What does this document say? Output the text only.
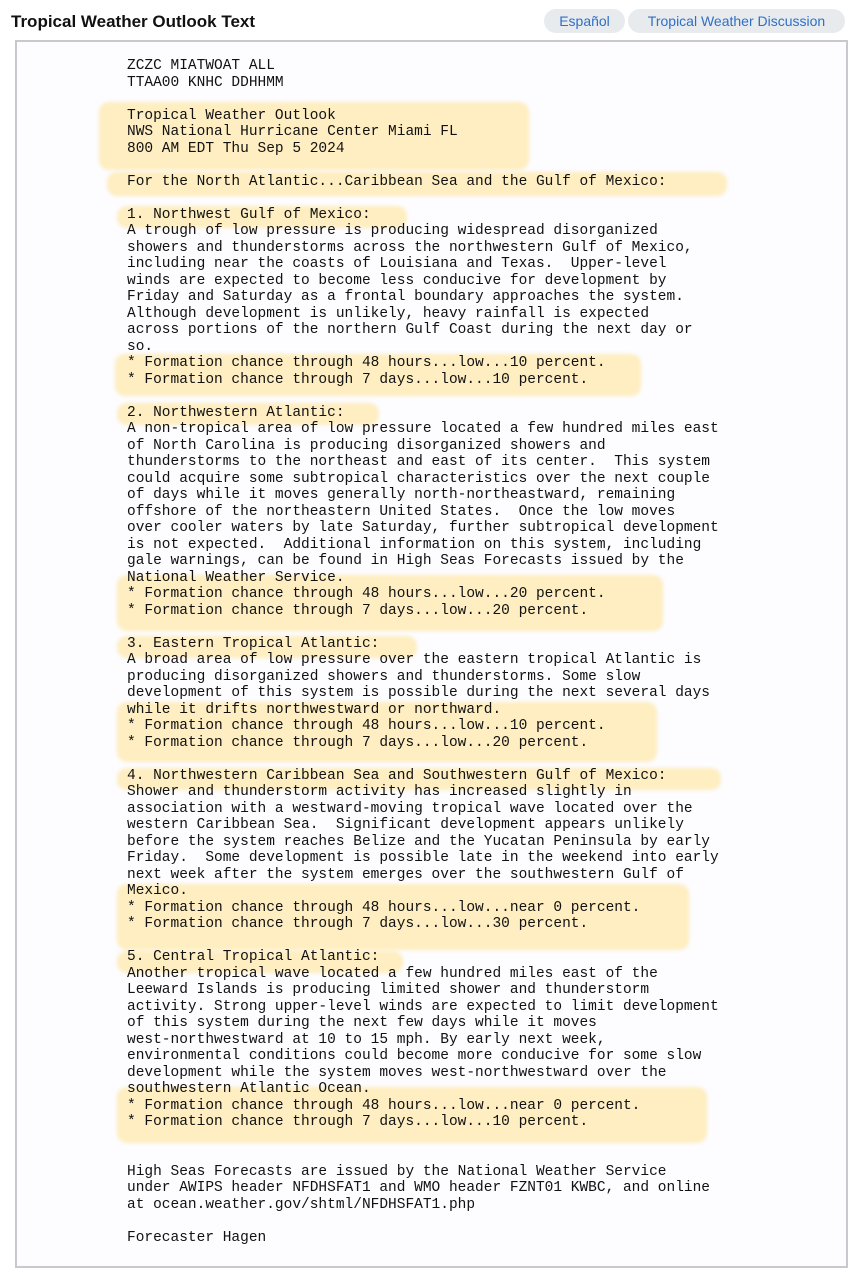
Tropical Weather Outlook Text	Español	Tropical Weather Discussion
ZCZC MIATWOAT ALL
TTAA00 KNHC DDHHMM

Tropical Weather Outlook
NWS National Hurricane Center Miami FL
800 AM EDT Thu Sep 5 2024

For the North Atlantic...Caribbean Sea and the Gulf of Mexico:

1. Northwest Gulf of Mexico:
A trough of low pressure is producing widespread disorganized
showers and thunderstorms across the northwestern Gulf of Mexico,
including near the coasts of Louisiana and Texas.  Upper-level
winds are expected to become less conducive for development by
Friday and Saturday as a frontal boundary approaches the system.
Although development is unlikely, heavy rainfall is expected
across portions of the northern Gulf Coast during the next day or
so.
* Formation chance through 48 hours...low...10 percent.
* Formation chance through 7 days...low...10 percent.

2. Northwestern Atlantic:
A non-tropical area of low pressure located a few hundred miles east
of North Carolina is producing disorganized showers and
thunderstorms to the northeast and east of its center.  This system
could acquire some subtropical characteristics over the next couple
of days while it moves generally north-northeastward, remaining
offshore of the northeastern United States.  Once the low moves
over cooler waters by late Saturday, further subtropical development
is not expected.  Additional information on this system, including
gale warnings, can be found in High Seas Forecasts issued by the
National Weather Service.
* Formation chance through 48 hours...low...20 percent.
* Formation chance through 7 days...low...20 percent.

3. Eastern Tropical Atlantic:
A broad area of low pressure over the eastern tropical Atlantic is
producing disorganized showers and thunderstorms. Some slow
development of this system is possible during the next several days
while it drifts northwestward or northward.
* Formation chance through 48 hours...low...10 percent.
* Formation chance through 7 days...low...20 percent.

4. Northwestern Caribbean Sea and Southwestern Gulf of Mexico:
Shower and thunderstorm activity has increased slightly in
association with a westward-moving tropical wave located over the
western Caribbean Sea.  Significant development appears unlikely
before the system reaches Belize and the Yucatan Peninsula by early
Friday.  Some development is possible late in the weekend into early
next week after the system emerges over the southwestern Gulf of
Mexico.
* Formation chance through 48 hours...low...near 0 percent.
* Formation chance through 7 days...low...30 percent.

5. Central Tropical Atlantic:
Another tropical wave located a few hundred miles east of the
Leeward Islands is producing limited shower and thunderstorm
activity. Strong upper-level winds are expected to limit development
of this system during the next few days while it moves
west-northwestward at 10 to 15 mph. By early next week,
environmental conditions could become more conducive for some slow
development while the system moves west-northwestward over the
southwestern Atlantic Ocean.
* Formation chance through 48 hours...low...near 0 percent.
* Formation chance through 7 days...low...10 percent.

High Seas Forecasts are issued by the National Weather Service
under AWIPS header NFDHSFAT1 and WMO header FZNT01 KWBC, and online
at ocean.weather.gov/shtml/NFDHSFAT1.php

Forecaster Hagen
